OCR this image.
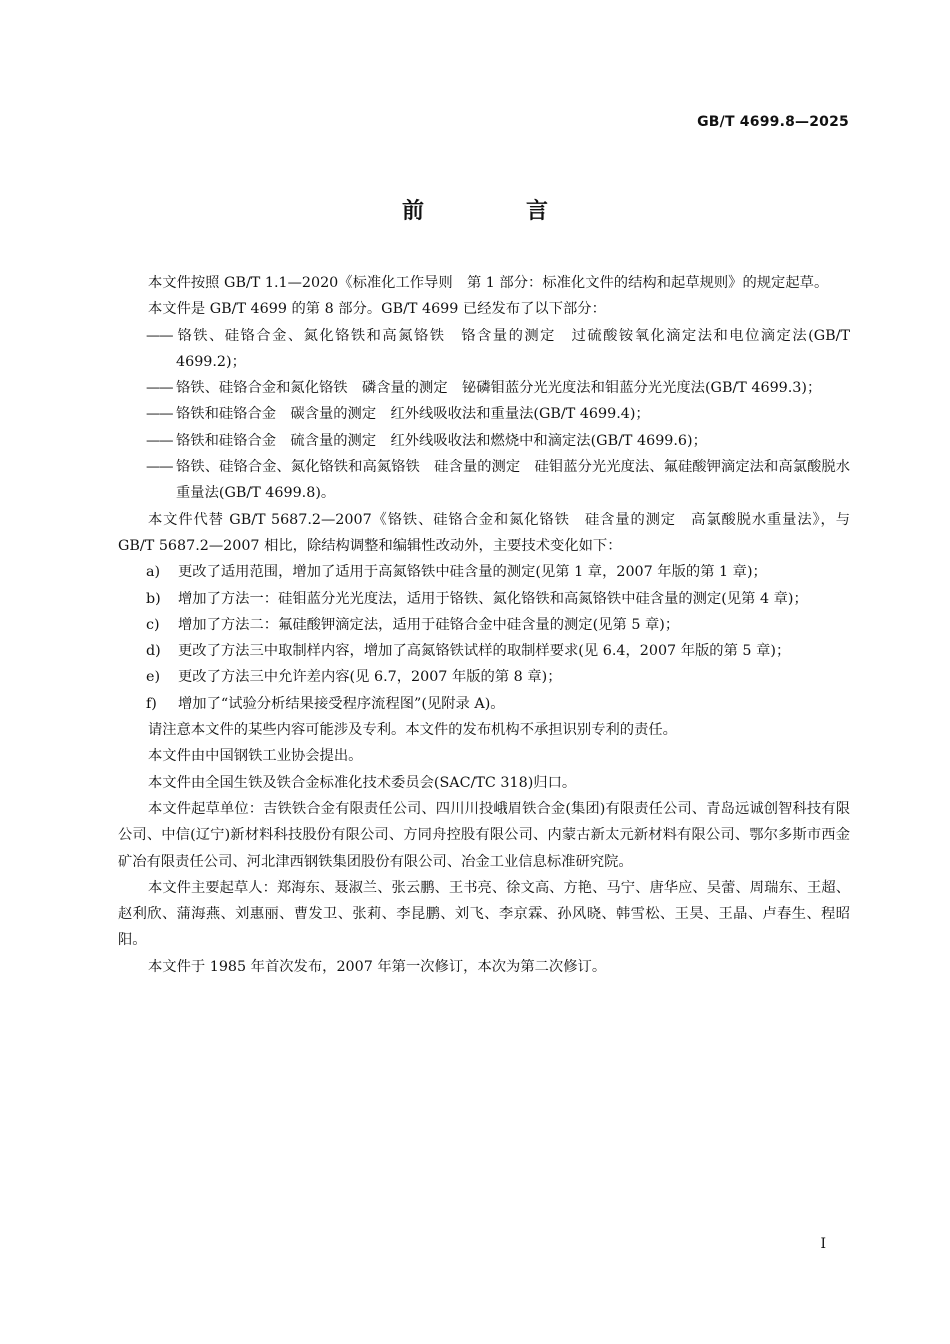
GB/T 4699.8—2025
前　言

本文件按照 GB/T 1.1—2020《标准化工作导则　第 1 部分：标准化文件的结构和起草规则》的规定起草。

本文件是 GB/T 4699 的第 8 部分。GB/T 4699 已经发布了以下部分：

—— 铬铁、硅铬合金、氮化铬铁和高氮铬铁　铬含量的测定　过硫酸铵氧化滴定法和电位滴定法(GB/T 4699.2)；

—— 铬铁、硅铬合金和氮化铬铁　磷含量的测定　铋磷钼蓝分光光度法和钼蓝分光光度法(GB/T 4699.3)；

—— 铬铁和硅铬合金　碳含量的测定　红外线吸收法和重量法(GB/T 4699.4)；

—— 铬铁和硅铬合金　硫含量的测定　红外线吸收法和燃烧中和滴定法(GB/T 4699.6)；

—— 铬铁、硅铬合金、氮化铬铁和高氮铬铁　硅含量的测定　硅钼蓝分光光度法、氟硅酸钾滴定法和高氯酸脱水重量法(GB/T 4699.8)。

本文件代替 GB/T 5687.2—2007《铬铁、硅铬合金和氮化铬铁　硅含量的测定　高氯酸脱水重量法》，与 GB/T 5687.2—2007 相比，除结构调整和编辑性改动外，主要技术变化如下：

a) 更改了适用范围，增加了适用于高氮铬铁中硅含量的测定(见第 1 章，2007 年版的第 1 章)；

b) 增加了方法一：硅钼蓝分光光度法，适用于铬铁、氮化铬铁和高氮铬铁中硅含量的测定(见第 4 章)；

c) 增加了方法二：氟硅酸钾滴定法，适用于硅铬合金中硅含量的测定(见第 5 章)；

d) 更改了方法三中取制样内容，增加了高氮铬铁试样的取制样要求(见 6.4，2007 年版的第 5 章)；

e) 更改了方法三中允许差内容(见 6.7，2007 年版的第 8 章)；

f) 增加了“试验分析结果接受程序流程图”(见附录 A)。

请注意本文件的某些内容可能涉及专利。本文件的发布机构不承担识别专利的责任。

本文件由中国钢铁工业协会提出。

本文件由全国生铁及铁合金标准化技术委员会(SAC/TC 318)归口。

本文件起草单位：吉铁铁合金有限责任公司、四川川投峨眉铁合金(集团)有限责任公司、青岛远诚创智科技有限公司、中信(辽宁)新材料科技股份有限公司、方同舟控股有限公司、内蒙古新太元新材料有限公司、鄂尔多斯市西金矿冶有限责任公司、河北津西钢铁集团股份有限公司、冶金工业信息标准研究院。

本文件主要起草人：郑海东、聂淑兰、张云鹏、王书亮、徐文高、方艳、马宁、唐华应、吴蕾、周瑞东、王超、赵利欣、蒲海燕、刘惠丽、曹发卫、张莉、李昆鹏、刘飞、李京霖、孙风晓、韩雪松、王昊、王晶、卢春生、程昭阳。

本文件于 1985 年首次发布，2007 年第一次修订，本次为第二次修订。

I
